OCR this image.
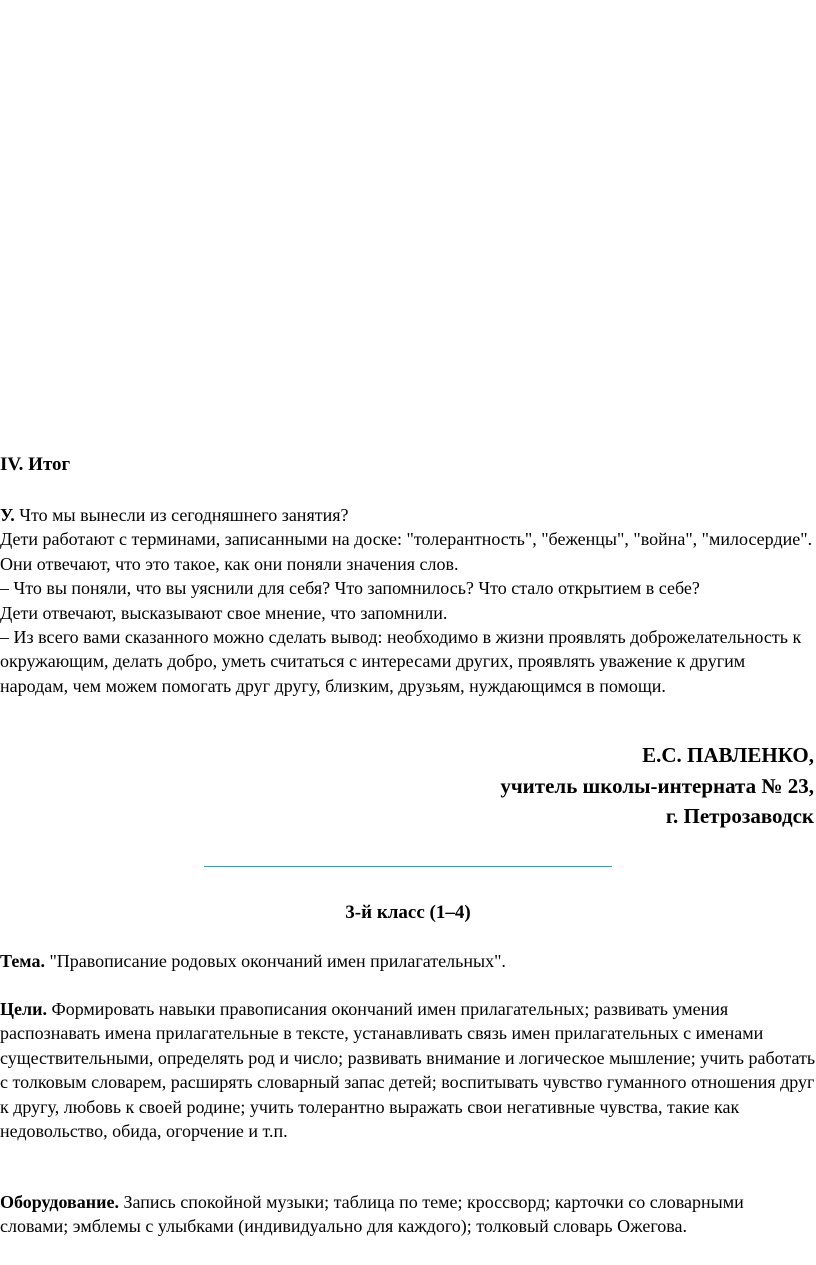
IV. Итог

У. Что мы вынесли из сегодняшнего занятия?

Дети работают с терминами, записанными на доске: "толерантность", "беженцы", "война", "милосердие". Они отвечают, что это такое, как они поняли значения слов.

– Что вы поняли, что вы уяснили для себя? Что запомнилось? Что стало открытием в себе?

Дети отвечают, высказывают свое мнение, что запомнили.

– Из всего вами сказанного можно сделать вывод: необходимо в жизни проявлять доброжелательность к окружающим, делать добро, уметь считаться с интересами других, проявлять уважение к другим народам, чем можем помогать друг другу, близким, друзьям, нуждающимся в помощи.

Е.С. ПАВЛЕНКО,
учитель школы-интерната № 23,
г. Петрозаводск
3-й класс (1–4)

Тема. "Правописание родовых окончаний имен прилагательных".

Цели. Формировать навыки правописания окончаний имен прилагательных; развивать умения распознавать имена прилагательные в тексте, устанавливать связь имен прилагательных с именами существительными, определять род и число; развивать внимание и логическое мышление; учить работать с толковым словарем, расширять словарный запас детей; воспитывать чувство гуманного отношения друг к другу, любовь к своей родине; учить толерантно выражать свои негативные чувства, такие как недовольство, обида, огорчение и т.п.

Оборудование. Запись спокойной музыки; таблица по теме; кроссворд; карточки со словарными словами; эмблемы с улыбками (индивидуально для каждого); толковый словарь Ожегова.
